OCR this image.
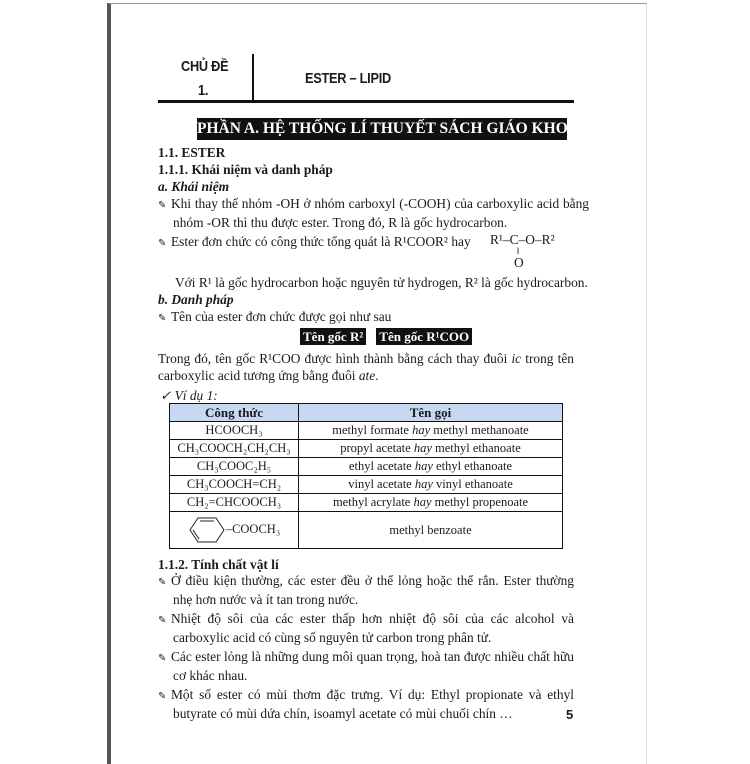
CHỦ ĐỀ
1.
ESTER – LIPID
PHẦN A. HỆ THỐNG LÍ THUYẾT SÁCH GIÁO KHOA
1.1. ESTER
1.1.1. Khái niệm và danh pháp
a. Khái niệm
✎ Khi thay thế nhóm -OH ở nhóm carboxyl (-COOH) của carboxylic acid bằng nhóm -OR thì thu được ester. Trong đó, R là gốc hydrocarbon.
✎ Ester đơn chức có công thức tổng quát là R¹COOR² hay	R¹–C–O–R²
‖
O
Với R¹ là gốc hydrocarbon hoặc nguyên tử hydrogen, R² là gốc hydrocarbon.
b. Danh pháp
✎ Tên của ester đơn chức được gọi như sau
Tên gốc R² Tên gốc R¹COO
Trong đó, tên gốc R¹COO được hình thành bằng cách thay đuôi ic trong tên carboxylic acid tương ứng bằng đuôi ate.
✓ Ví dụ 1:
Công thức	Tên gọi
HCOOCH₃	methyl formate hay methyl methanoate
CH₃COOCH₂CH₂CH₃	propyl acetate hay methyl ethanoate
CH₃COOC₂H₅	ethyl acetate hay ethyl ethanoate
CH₃COOCH=CH₂	vinyl acetate hay vinyl ethanoate
CH₂=CHCOOCH₃	methyl acrylate hay methyl propenoate
–COOCH₃	methyl benzoate
1.1.2. Tính chất vật lí
✎ Ở điều kiện thường, các ester đều ở thể lỏng hoặc thể rắn. Ester thường nhẹ hơn nước và ít tan trong nước.
✎ Nhiệt độ sôi của các ester thấp hơn nhiệt độ sôi của các alcohol và carboxylic acid có cùng số nguyên tử carbon trong phân tử.
✎ Các ester lỏng là những dung môi quan trọng, hoà tan được nhiều chất hữu cơ khác nhau.
✎ Một số ester có mùi thơm đặc trưng. Ví dụ: Ethyl propionate và ethyl butyrate có mùi dứa chín, isoamyl acetate có mùi chuối chín …	5
